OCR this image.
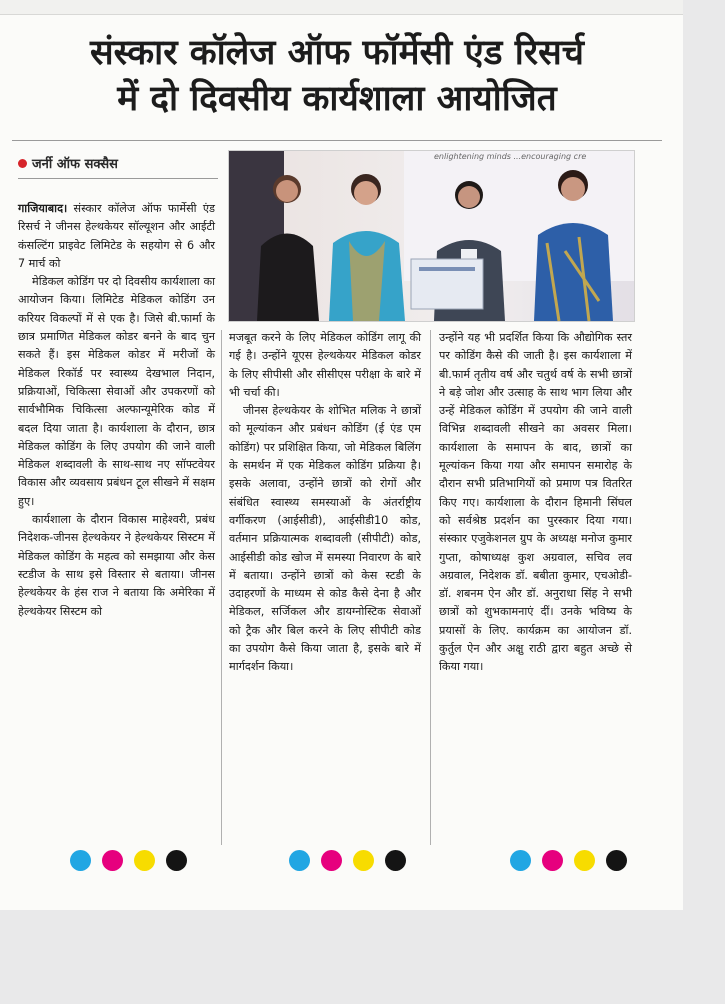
संस्कार कॉलेज ऑफ फॉर्मेसी एंड रिसर्च
में दो दिवसीय कार्यशाला आयोजित
जर्नी ऑफ सक्सैस
enlightening minds ...encouraging cre

गाजियाबाद। संस्कार कॉलेज ऑफ फार्मेसी एंड रिसर्च ने जीनस हेल्थकेयर सॉल्यूशन और आईटी कंसल्टिंग प्राइवेट लिमिटेड के सहयोग से 6 और 7 मार्च को

मेडिकल कोडिंग पर दो दिवसीय कार्यशाला का आयोजन किया। लिमिटेड मेडिकल कोडिंग उन करियर विकल्पों में से एक है। जिसे बी.फार्मा के छात्र प्रमाणित मेडिकल कोडर बनने के बाद चुन सकते हैं। इस मेडिकल कोडर में मरीजों के मेडिकल रिकॉर्ड पर स्वास्थ्य देखभाल निदान, प्रक्रियाओं, चिकित्सा सेवाओं और उपकरणों को सार्वभौमिक चिकित्सा अल्फान्यूमेरिक कोड में बदल दिया जाता है। कार्यशाला के दौरान, छात्र मेडिकल कोडिंग के लिए उपयोग की जाने वाली मेडिकल शब्दावली के साथ-साथ नए सॉफ्टवेयर विकास और व्यवसाय प्रबंधन टूल सीखने में सक्षम हुए।

कार्यशाला के दौरान विकास माहेश्वरी, प्रबंध निदेशक-जीनस हेल्थकेयर ने हेल्थकेयर सिस्टम में मेडिकल कोडिंग के महत्व को समझाया और केस स्टडीज के साथ इसे विस्तार से बताया। जीनस हेल्थकेयर के हंस राज ने बताया कि अमेरिका में हेल्थकेयर सिस्टम को

मजबूत करने के लिए मेडिकल कोडिंग लागू की गई है। उन्होंने यूएस हेल्थकेयर मेडिकल कोडर के लिए सीपीसी और सीसीएस परीक्षा के बारे में भी चर्चा की।

जीनस हेल्थकेयर के शोभित मलिक ने छात्रों को मूल्यांकन और प्रबंधन कोडिंग (ई एंड एम कोडिंग) पर प्रशिक्षित किया, जो मेडिकल बिलिंग के समर्थन में एक मेडिकल कोडिंग प्रक्रिया है। इसके अलावा, उन्होंने छात्रों को रोगों और संबंधित स्वास्थ्य समस्याओं के अंतर्राष्ट्रीय वर्गीकरण (आईसीडी), आईसीडी10 कोड, वर्तमान प्रक्रियात्मक शब्दावली (सीपीटी) कोड, आईसीडी कोड खोज में समस्या निवारण के बारे में बताया। उन्होंने छात्रों को केस स्टडी के उदाहरणों के माध्यम से कोड कैसे देना है और मेडिकल, सर्जिकल और डायग्नोस्टिक सेवाओं को ट्रैक और बिल करने के लिए सीपीटी कोड का उपयोग कैसे किया जाता है, इसके बारे में मार्गदर्शन किया।

उन्होंने यह भी प्रदर्शित किया कि औद्योगिक स्तर पर कोडिंग कैसे की जाती है। इस कार्यशाला में बी.फार्म तृतीय वर्ष और चतुर्थ वर्ष के सभी छात्रों ने बड़े जोश और उत्साह के साथ भाग लिया और उन्हें मेडिकल कोडिंग में उपयोग की जाने वाली विभिन्न शब्दावली सीखने का अवसर मिला। कार्यशाला के समापन के बाद, छात्रों का मूल्यांकन किया गया और समापन समारोह के दौरान सभी प्रतिभागियों को प्रमाण पत्र वितरित किए गए। कार्यशाला के दौरान हिमानी सिंघल को सर्वश्रेष्ठ प्रदर्शन का पुरस्कार दिया गया। संस्कार एजुकेशनल ग्रुप के अध्यक्ष मनोज कुमार गुप्ता, कोषाध्यक्ष कुश अग्रवाल, सचिव लव अग्रवाल, निदेशक डॉ. बबीता कुमार, एचओडी- डॉ. शबनम ऐन और डॉ. अनुराधा सिंह ने सभी छात्रों को शुभकामनाएं दीं। उनके भविष्य के प्रयासों के लिए. कार्यक्रम का आयोजन डॉ. कुर्तुल ऐन और अक्षु राठी द्वारा बहुत अच्छे से किया गया।
